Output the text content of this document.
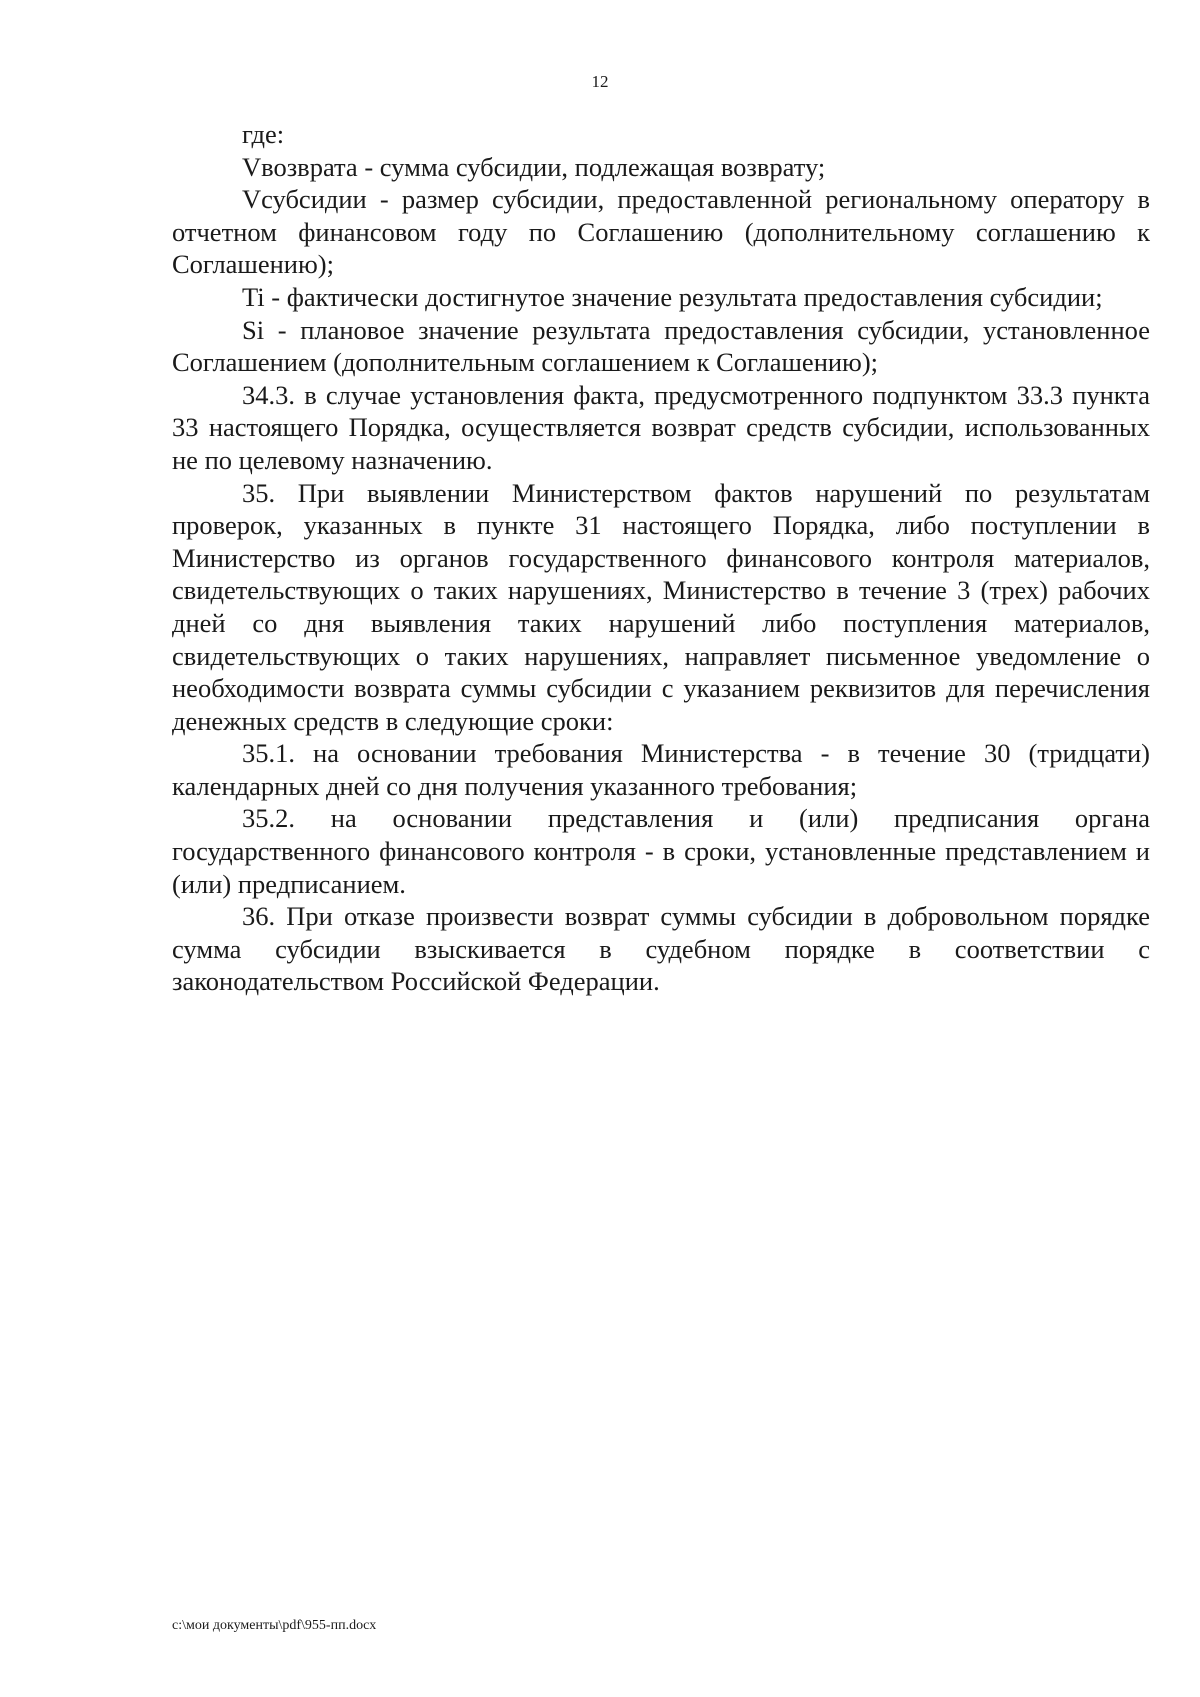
12

где:

Vвозврата - сумма субсидии, подлежащая возврату;

Vсубсидии - размер субсидии, предоставленной региональному оператору в отчетном финансовом году по Соглашению (дополнительному соглашению к Соглашению);

Ti - фактически достигнутое значение результата предоставления субсидии;

Si - плановое значение результата предоставления субсидии, установленное Соглашением (дополнительным соглашением к Соглашению);

34.3. в случае установления факта, предусмотренного подпунктом 33.3 пункта 33 настоящего Порядка, осуществляется возврат средств субсидии, использованных не по целевому назначению.

35. При выявлении Министерством фактов нарушений по результатам проверок, указанных в пункте 31 настоящего Порядка, либо поступлении в Министерство из органов государственного финансового контроля материалов, свидетельствующих о таких нарушениях, Министерство в течение 3 (трех) рабочих дней со дня выявления таких нарушений либо поступления материалов, свидетельствующих о таких нарушениях, направляет письменное уведомление о необходимости возврата суммы субсидии с указанием реквизитов для перечисления денежных средств в следующие сроки:

35.1. на основании требования Министерства - в течение 30 (тридцати) календарных дней со дня получения указанного требования;

35.2. на основании представления и (или) предписания органа государственного финансового контроля - в сроки, установленные представлением и (или) предписанием.

36. При отказе произвести возврат суммы субсидии в добровольном порядке сумма субсидии взыскивается в судебном порядке в соответствии с законодательством Российской Федерации.

c:\мои документы\pdf\955-пп.docx
